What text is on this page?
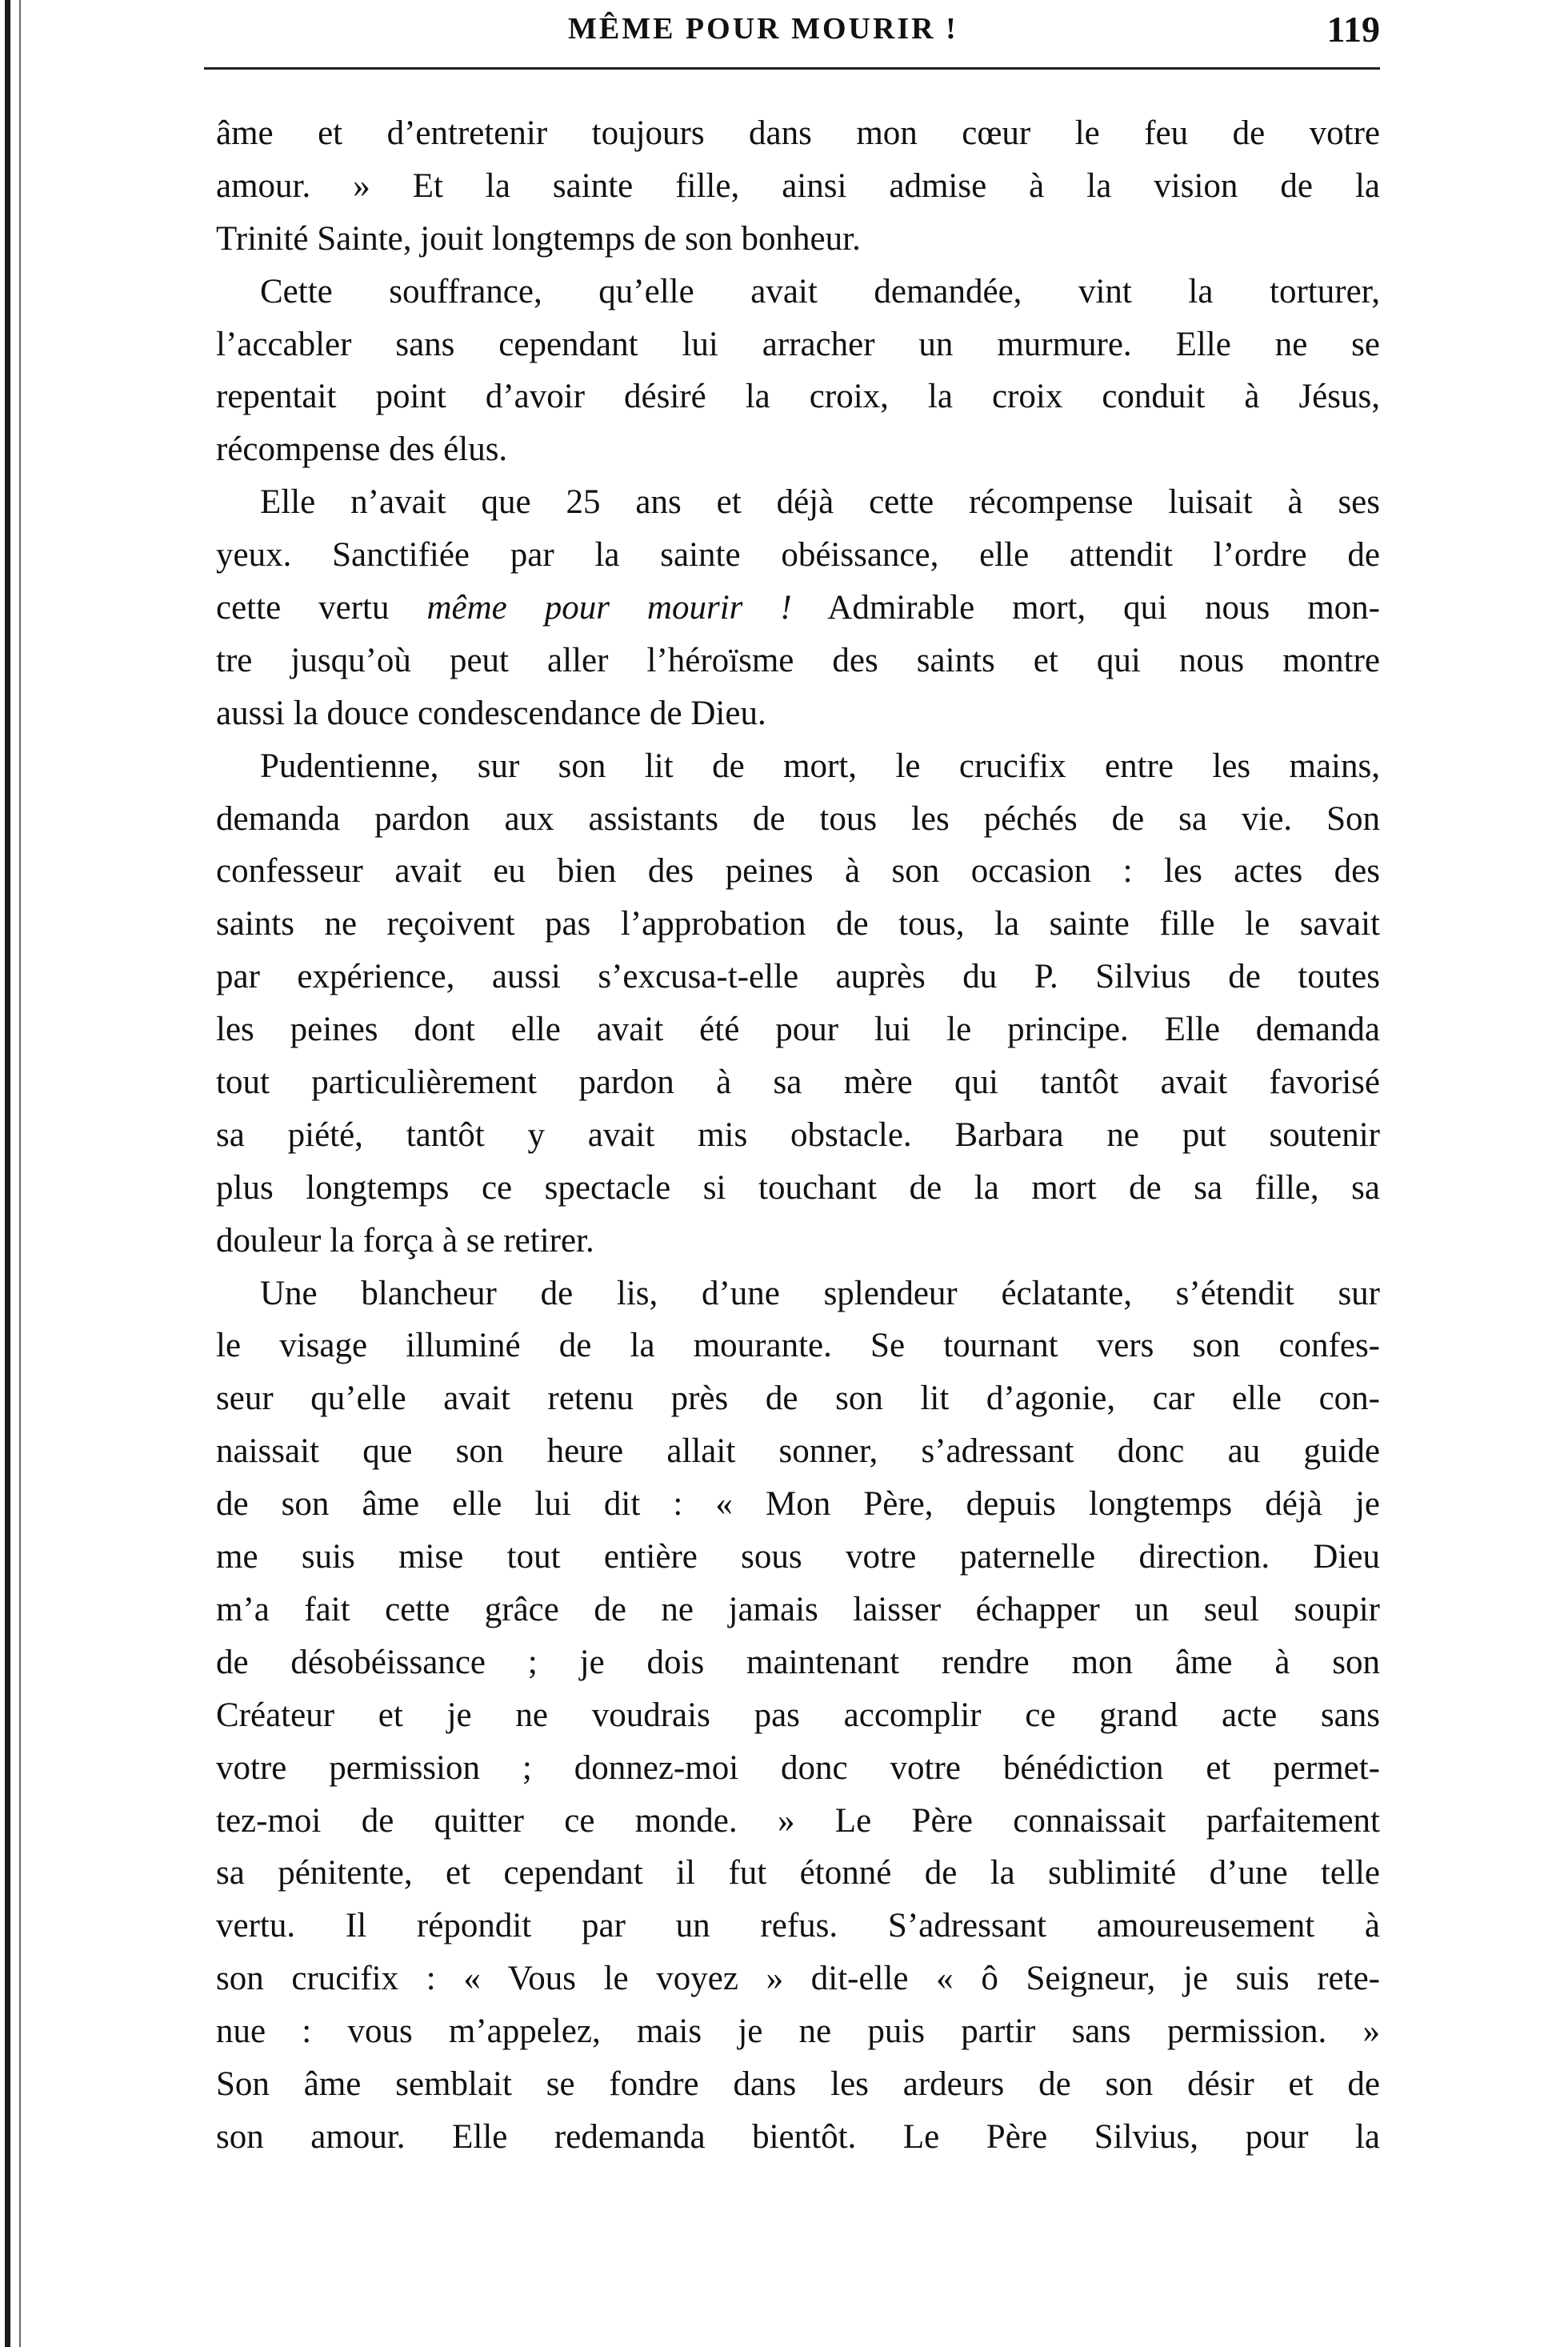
MÊME POUR MOURIR !	119
âme et d’entretenir toujours dans mon cœur le feu de votre
amour. » Et la sainte fille, ainsi admise à la vision de la
Trinité Sainte, jouit longtemps de son bonheur.
Cette souffrance, qu’elle avait demandée, vint la torturer,
l’accabler sans cependant lui arracher un murmure. Elle ne se
repentait point d’avoir désiré la croix, la croix conduit à Jésus,
récompense des élus.
Elle n’avait que 25 ans et déjà cette récompense luisait à ses
yeux. Sanctifiée par la sainte obéissance, elle attendit l’ordre de
cette vertu même pour mourir ! Admirable mort, qui nous mon-
tre jusqu’où peut aller l’héroïsme des saints et qui nous montre
aussi la douce condescendance de Dieu.
Pudentienne, sur son lit de mort, le crucifix entre les mains,
demanda pardon aux assistants de tous les péchés de sa vie. Son
confesseur avait eu bien des peines à son occasion : les actes des
saints ne reçoivent pas l’approbation de tous, la sainte fille le savait
par expérience, aussi s’excusa-t-elle auprès du P. Silvius de toutes
les peines dont elle avait été pour lui le principe. Elle demanda
tout particulièrement pardon à sa mère qui tantôt avait favorisé
sa piété, tantôt y avait mis obstacle. Barbara ne put soutenir
plus longtemps ce spectacle si touchant de la mort de sa fille, sa
douleur la força à se retirer.
Une blancheur de lis, d’une splendeur éclatante, s’étendit sur
le visage illuminé de la mourante. Se tournant vers son confes-
seur qu’elle avait retenu près de son lit d’agonie, car elle con-
naissait que son heure allait sonner, s’adressant donc au guide
de son âme elle lui dit : « Mon Père, depuis longtemps déjà je
me suis mise tout entière sous votre paternelle direction. Dieu
m’a fait cette grâce de ne jamais laisser échapper un seul soupir
de désobéissance ; je dois maintenant rendre mon âme à son
Créateur et je ne voudrais pas accomplir ce grand acte sans
votre permission ; donnez-moi donc votre bénédiction et permet-
tez-moi de quitter ce monde. » Le Père connaissait parfaitement
sa pénitente, et cependant il fut étonné de la sublimité d’une telle
vertu. Il répondit par un refus. S’adressant amoureusement à
son crucifix : « Vous le voyez » dit-elle « ô Seigneur, je suis rete-
nue : vous m’appelez, mais je ne puis partir sans permission. »
Son âme semblait se fondre dans les ardeurs de son désir et de
son amour. Elle redemanda bientôt. Le Père Silvius, pour la
